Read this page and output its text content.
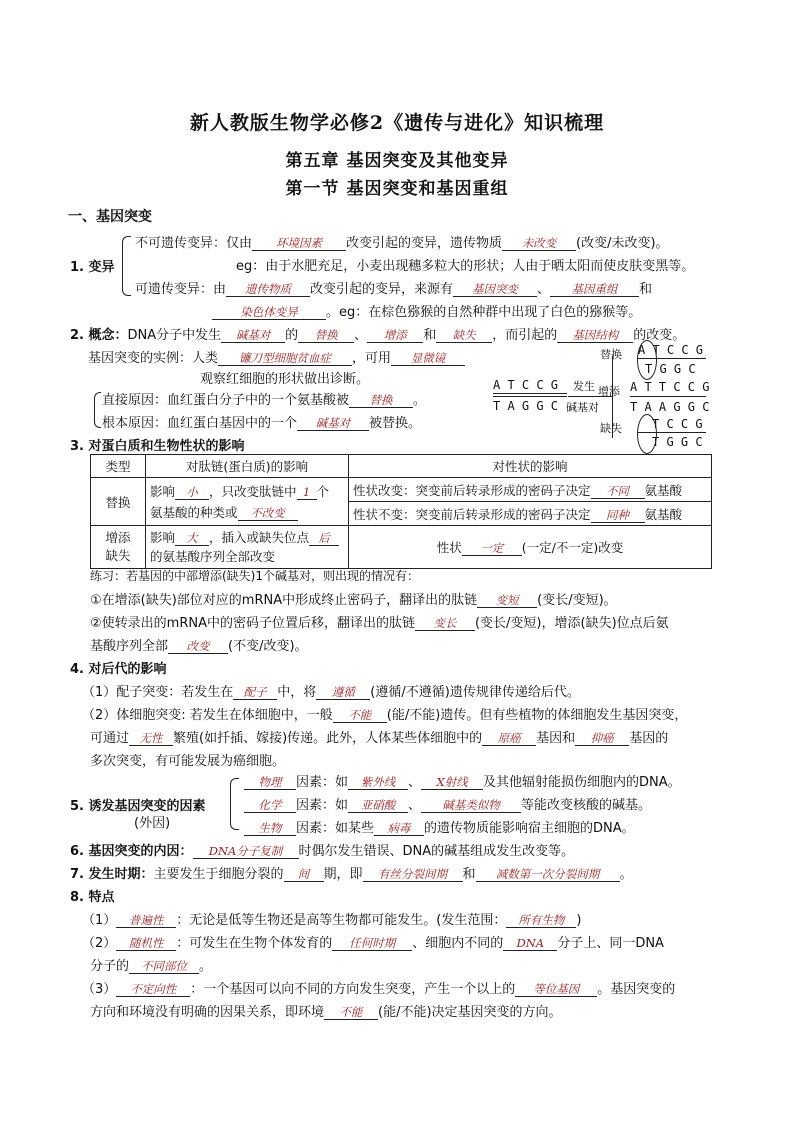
新人教版生物学必修2《遗传与进化》知识梳理
第五章 基因突变及其他变异
第一节 基因突变和基因重组
一、基因突变
1. 变异
不可遗传变异：仅由 环境因素 改变引起的变异，遗传物质 未改变 (改变/未改变)。
eg：由于水肥充足，小麦出现穗多粒大的形状；人由于晒太阳而使皮肤变黑等。
可遗传变异：由 遗传物质 改变引起的变异，来源有 基因突变 、 基因重组 和
染色体变异 。eg：在棕色猕猴的自然种群中出现了白色的猕猴等。
2. 概念：DNA分子中发生 碱基对 的 替换 、 增添 和 缺失 ，而引起的 基因结构 的改变。
基因突变的实例：人类 镰刀型细胞贫血症 ，可用 显微镜
观察红细胞的形状做出诊断。
直接原因：血红蛋白分子中的一个氨基酸被 替换 。
根本原因：血红蛋白基因中的一个 碱基对 被替换。
A T C C G
T A G G C
发生
碱基对
替换 A T C C G
T G G C
增添 A T T C C G
T A A G G C
缺失	T C C G
T G G C
3. 对蛋白质和生物性状的影响
类型	对肽链(蛋白质)的影响	对性状的影响
替换	影响 小 ，只改变肽链中 1 个
氨基酸的种类或 不改变	性状改变：突变前后转录形成的密码子决定 不同 氨基酸
		性状不变：突变前后转录形成的密码子决定 同种 氨基酸
增添
缺失	影响 大 ，插入或缺失位点 后
的氨基酸序列全部改变	性状 一定 (一定/不一定)改变
练习：若基因的中部增添(缺失)1个碱基对，则出现的情况有：
①在增添(缺失)部位对应的mRNA中形成终止密码子，翻译出的肽链 变短 (变长/变短)。
②使转录出的mRNA中的密码子位置后移，翻译出的肽链 变长 (变长/变短)，增添(缺失)位点后氨
基酸序列全部 改变 (不变/改变)。
4. 对后代的影响
（1）配子突变：若发生在 配子 中，将 遵循 (遵循/不遵循)遗传规律传递给后代。
（2）体细胞突变: 若发生在体细胞中，一般 不能 (能/不能)遗传。但有些植物的体细胞发生基因突变，
可通过 无性 繁殖(如扦插、嫁接)传递。此外，人体某些体细胞中的 原癌 基因和 抑癌 基因的
多次突变，有可能发展为癌细胞。
5. 诱发基因突变的因素
(外因)
物理 因素：如 紫外线 、 X射线 及其他辐射能损伤细胞内的DNA。
化学 因素：如 亚硝酸 、 碱基类似物 等能改变核酸的碱基。
生物 因素：如某些 病毒 的遗传物质能影响宿主细胞的DNA。
6. 基因突变的内因： DNA分子复制 时偶尔发生错误、DNA的碱基组成发生改变等。
7. 发生时期：主要发生于细胞分裂的 间 期，即 有丝分裂间期 和 减数第一次分裂间期 。
8. 特点
（1） 普遍性 ：无论是低等生物还是高等生物都可能发生。(发生范围： 所有生物 )
（2） 随机性 ：可发生在生物个体发育的 任何时期 、细胞内不同的 DNA 分子上、同一DNA
分子的 不同部位 。
（3） 不定向性 ：一个基因可以向不同的方向发生突变，产生一个以上的 等位基因 。基因突变的
方向和环境没有明确的因果关系，即环境 不能 (能/不能)决定基因突变的方向。
